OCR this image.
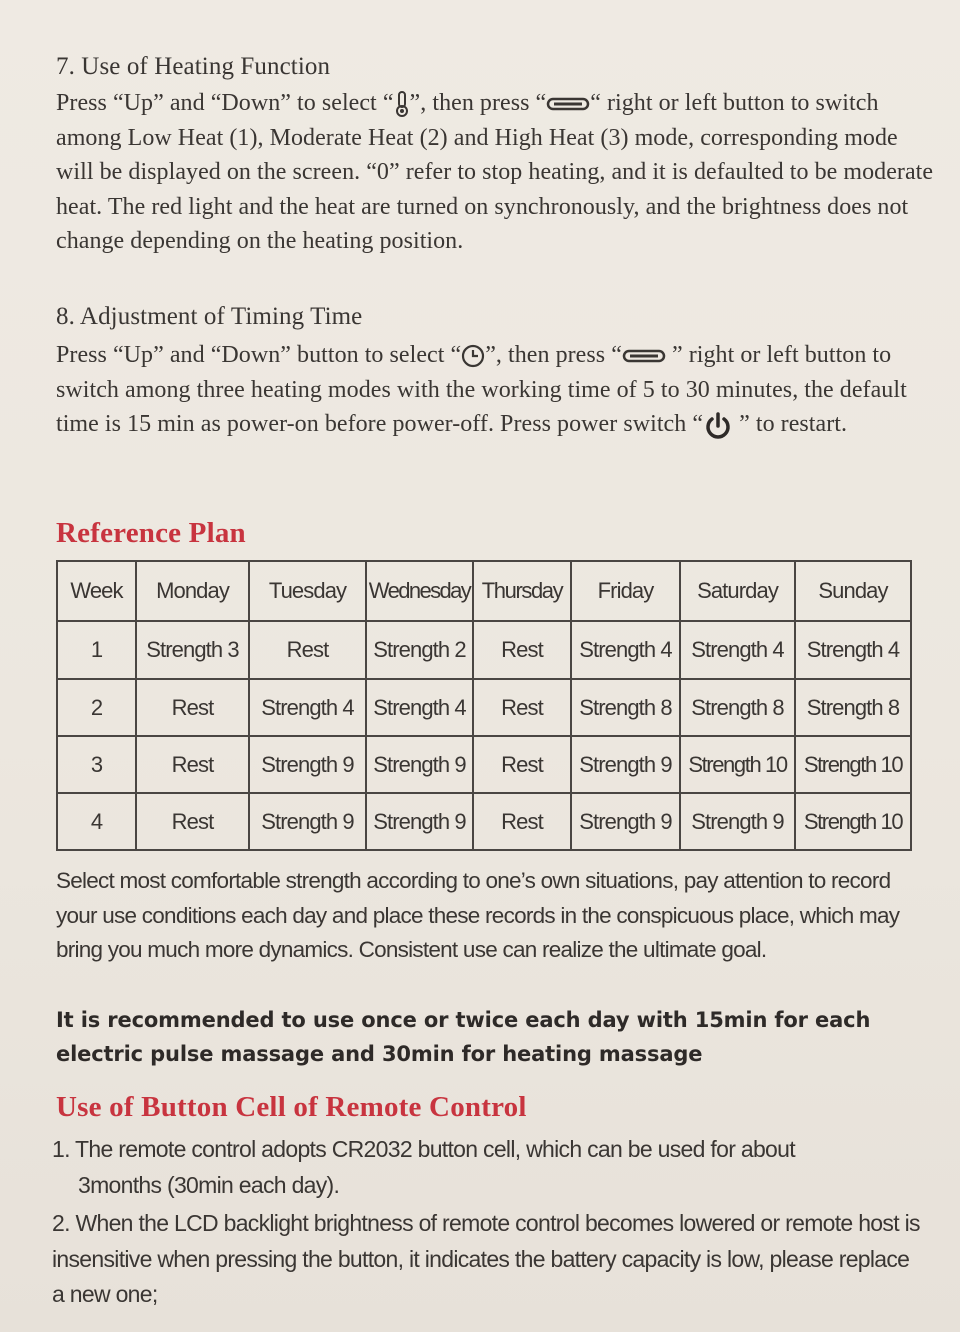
7. Use of Heating Function

Press “Up” and “Down” to select “ ”, then press “ “ right or left button to switch among Low Heat (1), Moderate Heat (2) and High Heat (3) mode, corresponding mode will be displayed on the screen. “0” refer to stop heating, and it is defaulted to be moderate heat. The red light and the heat are turned on synchronously, and the brightness does not change depending on the heating position.

8. Adjustment of Timing Time

Press “Up” and “Down” button to select “ ”, then press “ ” right or left button to switch among three heating modes with the working time of 5 to 30 minutes, the default time is 15 min as power-on before power-off. Press power switch “ ” to restart.

Reference Plan
Week	Monday	Tuesday	Wednesday	Thursday	Friday	Saturday	Sunday
1	Strength 3	Rest	Strength 2	Rest	Strength 4	Strength 4	Strength 4
2	Rest	Strength 4	Strength 4	Rest	Strength 8	Strength 8	Strength 8
3	Rest	Strength 9	Strength 9	Rest	Strength 9	Strength 10	Strength 10
4	Rest	Strength 9	Strength 9	Rest	Strength 9	Strength 9	Strength 10

Select most comfortable strength according to one’s own situations, pay attention to record your use conditions each day and place these records in the conspicuous place, which may bring you much more dynamics. Consistent use can realize the ultimate goal.

It is recommended to use once or twice each day with 15min for each electric pulse massage and 30min for heating massage

Use of Button Cell of Remote Control

1. The remote control adopts CR2032 button cell, which can be used for about
3months (30min each day).

2. When the LCD backlight brightness of remote control becomes lowered or remote host is insensitive when pressing the button, it indicates the battery capacity is low, please replace a new one;
